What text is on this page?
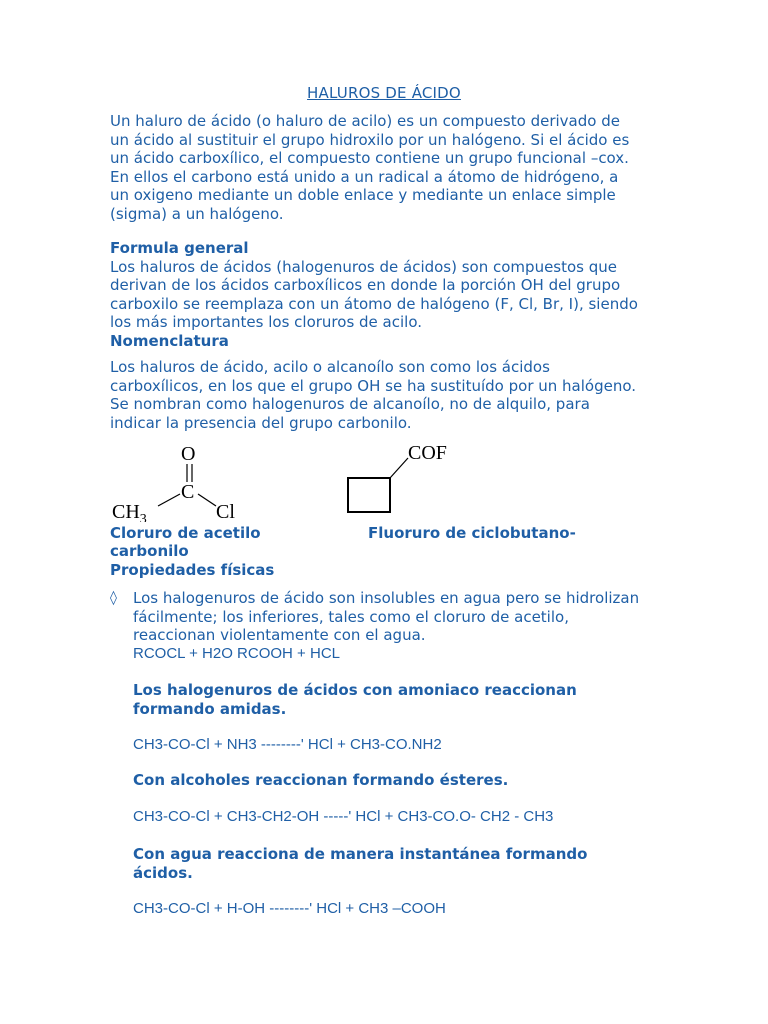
HALUROS DE ÁCIDO
Un haluro de ácido (o haluro de acilo) es un compuesto derivado de
un ácido al sustituir el grupo hidroxilo por un halógeno. Si el ácido es
un ácido carboxílico, el compuesto contiene un grupo funcional –cox.
En ellos el carbono está unido a un radical a átomo de hidrógeno, a
un oxigeno mediante un doble enlace y mediante un enlace simple
(sigma) a un halógeno.
Formula general
Los haluros de ácidos (halogenuros de ácidos) son compuestos que
derivan de los ácidos carboxílicos en donde la porción OH del grupo
carboxilo se reemplaza con un átomo de halógeno (F, Cl, Br, I), siendo
los más importantes los cloruros de acilo.
Nomenclatura
Los haluros de ácido, acilo o alcanoílo son como los ácidos
carboxílicos, en los que el grupo OH se ha sustituído por un halógeno.
Se nombran como halogenuros de alcanoílo, no de alquilo, para
indicar la presencia del grupo carbonilo.
O
C
$CH_3$	Cl
COF
Cloruro de acetilo	Fluoruro de ciclobutano-
carbonilo
Propiedades físicas
◊ Los halogenuros de ácido son insolubles en agua pero se hidrolizan
fácilmente; los inferiores, tales como el cloruro de acetilo,
reaccionan violentamente con el agua.
RCOCL + H2O RCOOH + HCL
Los halogenuros de ácidos con amoniaco reaccionan
formando amidas.
CH3-CO-Cl + NH3 --------' HCl + CH3-CO.NH2
Con alcoholes reaccionan formando ésteres.
CH3-CO-Cl + CH3-CH2-OH -----' HCl + CH3-CO.O- CH2 - CH3
Con agua reacciona de manera instantánea formando
ácidos.
CH3-CO-Cl + H-OH --------' HCl + CH3 –COOH
